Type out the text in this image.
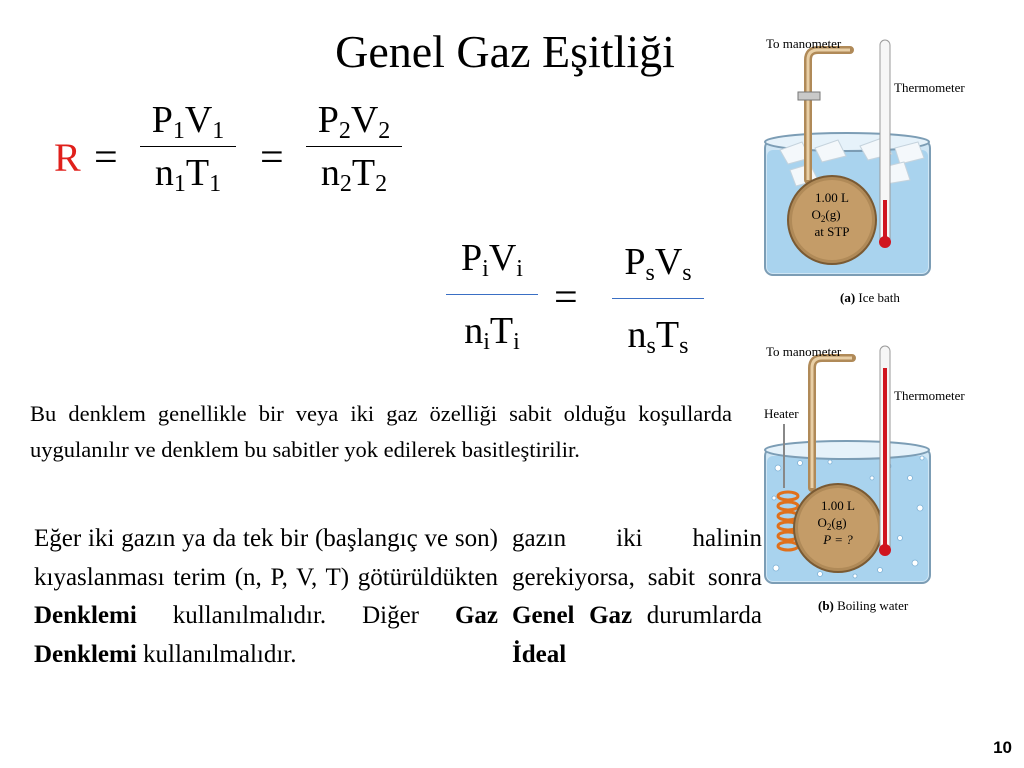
Genel Gaz Eşitliği
R =
$P_1V_1$
$n_1T_1$
=
$P_2V_2$
$n_2T_2$
$P_iV_i$
$n_iT_i$
=
$P_sV_s$
$n_sT_s$
Bu denklem genellikle bir veya iki gaz özelliği sabit olduğu koşullarda uygulanılır ve denklem bu sabitler yok edilerek basitleştirilir.
Eğer iki gazın ya da tek bir (başlangıç ve son) kıyaslanması terim (n, P, V, T) götürüldükten Denklemi kullanılmalıdır. Diğer Gaz Denklemi kullanılmalıdır.
gazın iki halinin gerekiyorsa, sabit sonra Genel Gaz durumlarda İdeal
1.00 L
$O_2(g)$
at STP
To manometer
Thermometer
(a) Ice bath
1.00 L
$O_2(g)$
P = ?
To manometer
Thermometer
Heater
(b) Boiling water
10
